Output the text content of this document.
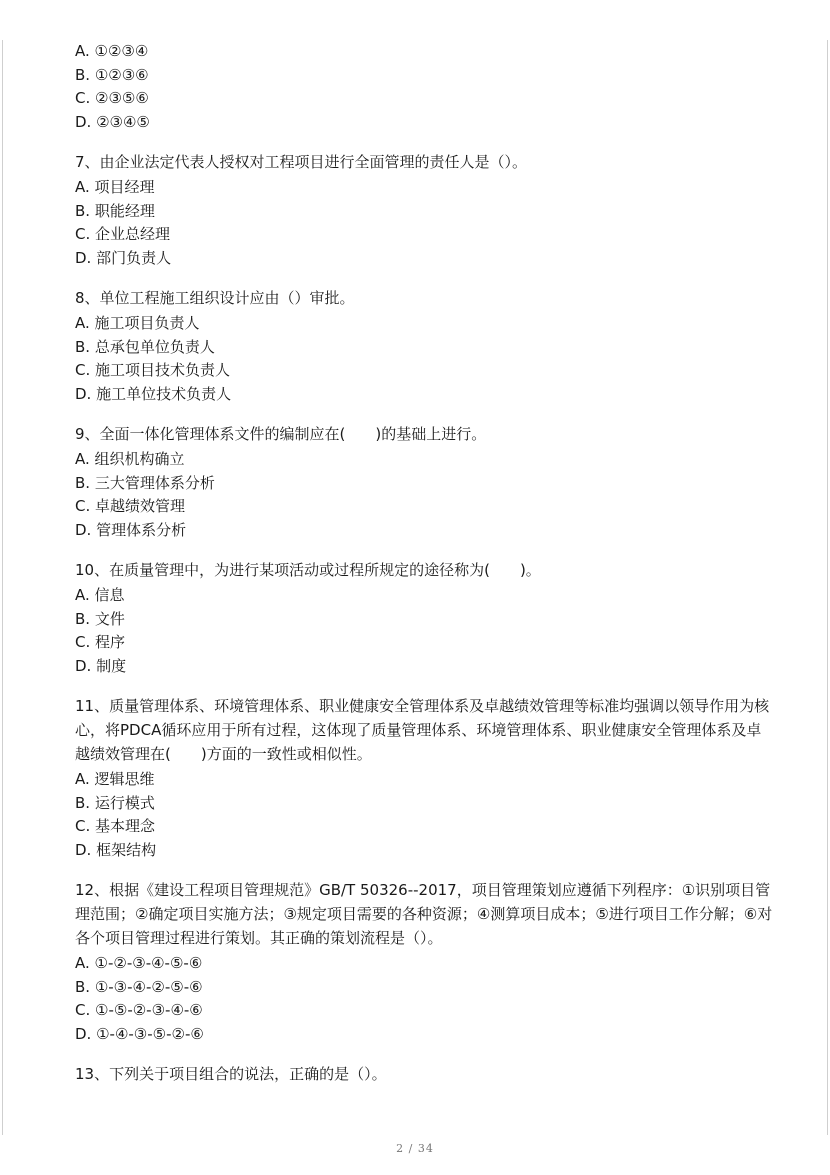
A. ①②③④
B. ①②③⑥
C. ②③⑤⑥
D. ②③④⑤
7、由企业法定代表人授权对工程项目进行全面管理的责任人是（）。
A. 项目经理
B. 职能经理
C. 企业总经理
D. 部门负责人
8、单位工程施工组织设计应由（）审批。
A. 施工项目负责人
B. 总承包单位负责人
C. 施工项目技术负责人
D. 施工单位技术负责人
9、全面一体化管理体系文件的编制应在(　　)的基础上进行。
A. 组织机构确立
B. 三大管理体系分析
C. 卓越绩效管理
D. 管理体系分析
10、在质量管理中，为进行某项活动或过程所规定的途径称为(　　)。
A. 信息
B. 文件
C. 程序
D. 制度
11、质量管理体系、环境管理体系、职业健康安全管理体系及卓越绩效管理等标准均强调以领导作用为核心，将PDCA循环应用于所有过程，这体现了质量管理体系、环境管理体系、职业健康安全管理体系及卓越绩效管理在(　　)方面的一致性或相似性。
A. 逻辑思维
B. 运行模式
C. 基本理念
D. 框架结构
12、根据《建设工程项目管理规范》GB/T 50326--2017，项目管理策划应遵循下列程序：①识别项目管理范围；②确定项目实施方法；③规定项目需要的各种资源；④测算项目成本；⑤进行项目工作分解；⑥对各个项目管理过程进行策划。其正确的策划流程是（）。
A. ①-②-③-④-⑤-⑥
B. ①-③-④-②-⑤-⑥
C. ①-⑤-②-③-④-⑥
D. ①-④-③-⑤-②-⑥
13、下列关于项目组合的说法，正确的是（）。
2 / 34
